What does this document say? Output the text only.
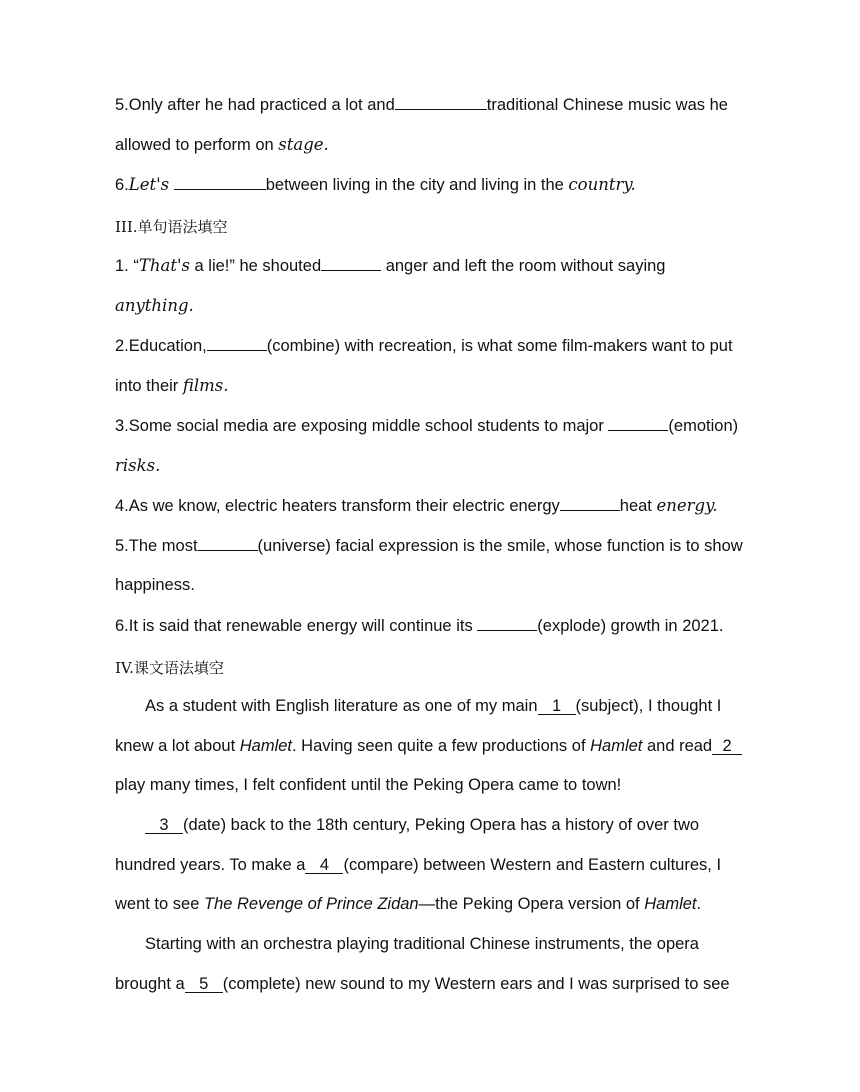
5.Only after he had practiced a lot and	traditional Chinese music was he
allowed to perform on stage.
6.Let's	between living in the city and living in the country.
III.单句语法填空
1. “That's a lie!” he shouted	anger and left the room without saying
anything.
2.Education,	(combine) with recreation, is what some film-makers want to put
into their films.
3.Some social media are exposing middle school students to major	(emotion)
risks.
4.As we know, electric heaters transform their electric energy	heat energy.
5.The most	(universe) facial expression is the smile, whose function is to show
happiness.
6.It is said that renewable energy will continue its	(explode) growth in 2021.
IV.课文语法填空
As a student with English literature as one of my main 1 (subject), I thought I
knew a lot about Hamlet. Having seen quite a few productions of Hamlet and read 2
play many times, I felt confident until the Peking Opera came to town!
3 (date) back to the 18th century, Peking Opera has a history of over two
hundred years. To make a 4 (compare) between Western and Eastern cultures, I
went to see The Revenge of Prince Zidan—the Peking Opera version of Hamlet.
Starting with an orchestra playing traditional Chinese instruments, the opera
brought a 5 (complete) new sound to my Western ears and I was surprised to see
